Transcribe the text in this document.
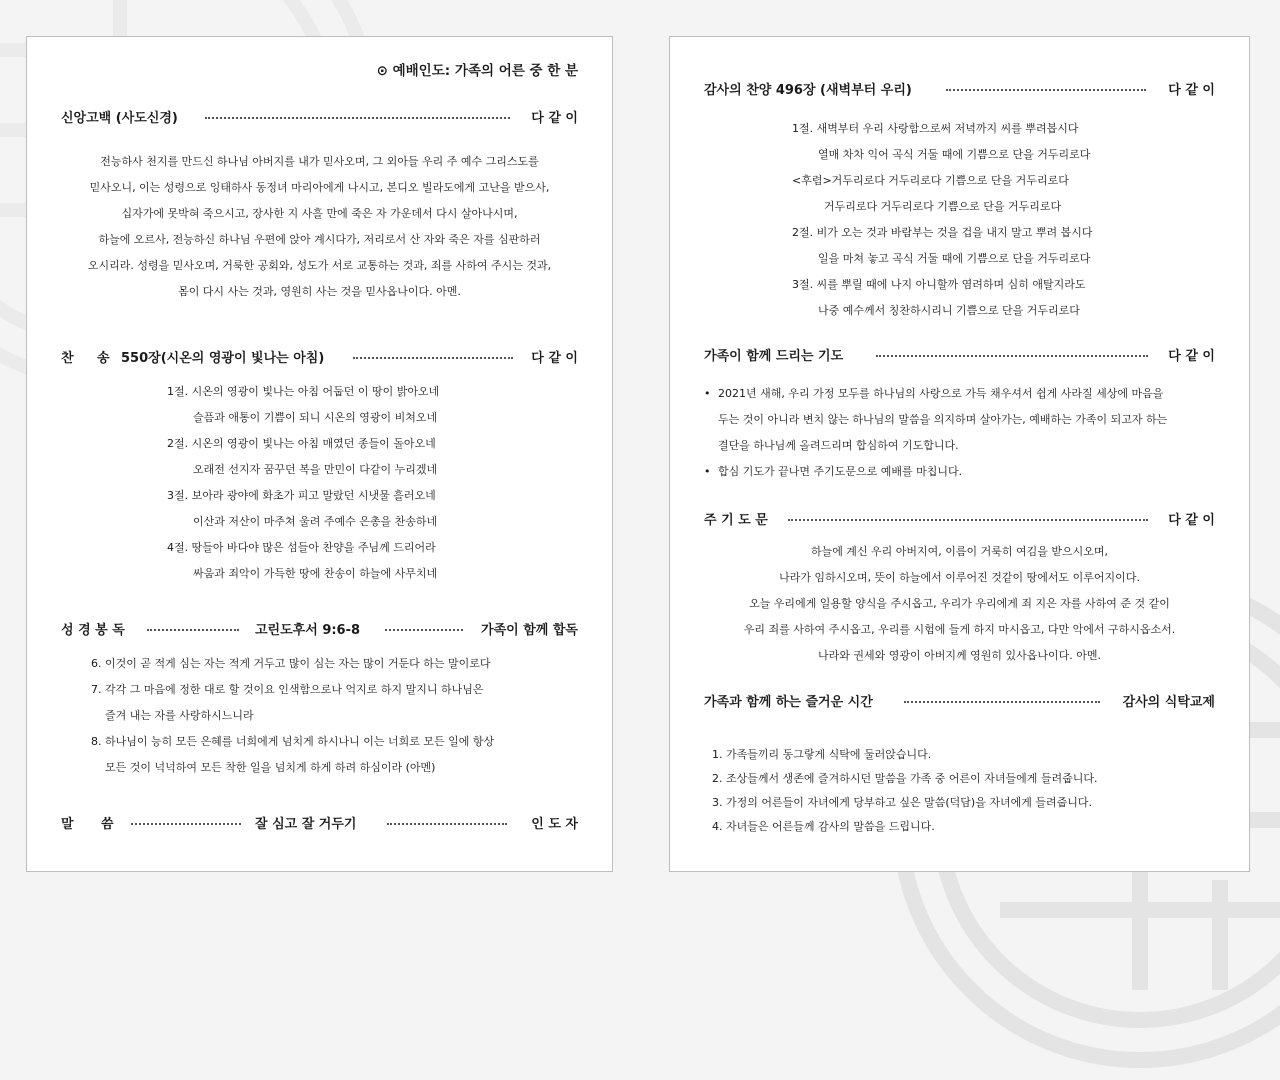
⊙ 예배인도: 가족의 어른 중 한 분
신앙고백 (사도신경)	다 같 이
전능하사 천지를 만드신 하나님 아버지를 내가 믿사오며, 그 외아들 우리 주 예수 그리스도를
믿사오니, 이는 성령으로 잉태하사 동정녀 마리아에게 나시고, 본디오 빌라도에게 고난을 받으사,
십자가에 못박혀 죽으시고, 장사한 지 사흘 만에 죽은 자 가운데서 다시 살아나시며,
하늘에 오르사, 전능하신 하나님 우편에 앉아 계시다가, 저리로서 산 자와 죽은 자를 심판하러
오시리라. 성령을 믿사오며, 거룩한 공회와, 성도가 서로 교통하는 것과, 죄를 사하여 주시는 것과,
몸이 다시 사는 것과, 영원히 사는 것을 믿사옵나이다. 아멘.
찬 송 550장(시온의 영광이 빛나는 아침)	다 같 이
1절. 시온의 영광이 빛나는 아침 어둡던 이 땅이 밝아오네
슬픔과 애통이 기쁨이 되니 시온의 영광이 비쳐오네
2절. 시온의 영광이 빛나는 아침 매였던 종들이 돌아오네
오래전 선지자 꿈꾸던 복을 만민이 다같이 누리겠네
3절. 보아라 광야에 화초가 피고 말랐던 시냇물 흘러오네
이산과 저산이 마주쳐 울려 주예수 은총을 찬송하네
4절. 땅들아 바다야 많은 섬들아 찬양을 주님께 드리어라
싸움과 죄악이 가득한 땅에 찬송이 하늘에 사무치네
성 경 봉 독	고린도후서 9:6-8	가족이 함께 합독
6. 이것이 곧 적게 심는 자는 적게 거두고 많이 심는 자는 많이 거둔다 하는 말이로다
7. 각각 그 마음에 정한 대로 할 것이요 인색함으로나 억지로 하지 말지니 하나님은
즐겨 내는 자를 사랑하시느니라
8. 하나님이 능히 모든 은혜를 너희에게 넘치게 하시나니 이는 너희로 모든 일에 항상
모든 것이 넉넉하여 모든 착한 일을 넘치게 하게 하려 하심이라 (아멘)
말 씀	잘 심고 잘 거두기	인 도 자
감사의 찬양 496장 (새벽부터 우리)	다 같 이
1절. 새벽부터 우리 사랑함으로써 저녁까지 씨를 뿌려봅시다
열매 차차 익어 곡식 거둘 때에 기쁨으로 단을 거두리로다
<후렴>거두리로다 거두리로다 기쁨으로 단을 거두리로다
거두리로다 거두리로다 기쁨으로 단을 거두리로다
2절. 비가 오는 것과 바람부는 것을 겁을 내지 말고 뿌려 봅시다
일을 마쳐 놓고 곡식 거둘 때에 기쁨으로 단을 거두리로다
3절. 씨를 뿌릴 때에 나지 아니할까 염려하며 심히 애탈지라도
나중 예수께서 칭찬하시리니 기쁨으로 단을 거두리로다
가족이 함께 드리는 기도	다 같 이
• 2021년 새해, 우리 가정 모두를 하나님의 사랑으로 가득 채우셔서 쉽게 사라질 세상에 마음을
두는 것이 아니라 변치 않는 하나님의 말씀을 의지하며 살아가는, 예배하는 가족이 되고자 하는
결단을 하나님께 올려드리며 합심하여 기도합니다.
• 합심 기도가 끝나면 주기도문으로 예배를 마칩니다.
주 기 도 문	다 같 이
하늘에 계신 우리 아버지여, 이름이 거룩히 여김을 받으시오며,
나라가 임하시오며, 뜻이 하늘에서 이루어진 것같이 땅에서도 이루어지이다.
오늘 우리에게 일용할 양식을 주시옵고, 우리가 우리에게 죄 지은 자를 사하여 준 것 같이
우리 죄를 사하여 주시옵고, 우리를 시험에 들게 하지 마시옵고, 다만 악에서 구하시옵소서.
나라와 권세와 영광이 아버지께 영원히 있사옵나이다. 아멘.
가족과 함께 하는 즐거운 시간	감사의 식탁교제
1. 가족들끼리 동그랗게 식탁에 둘러앉습니다.
2. 조상들께서 생존에 즐겨하시던 말씀을 가족 중 어른이 자녀들에게 들려줍니다.
3. 가정의 어른들이 자녀에게 당부하고 싶은 말씀(덕담)을 자녀에게 들려줍니다.
4. 자녀들은 어른들께 감사의 말씀을 드립니다.
